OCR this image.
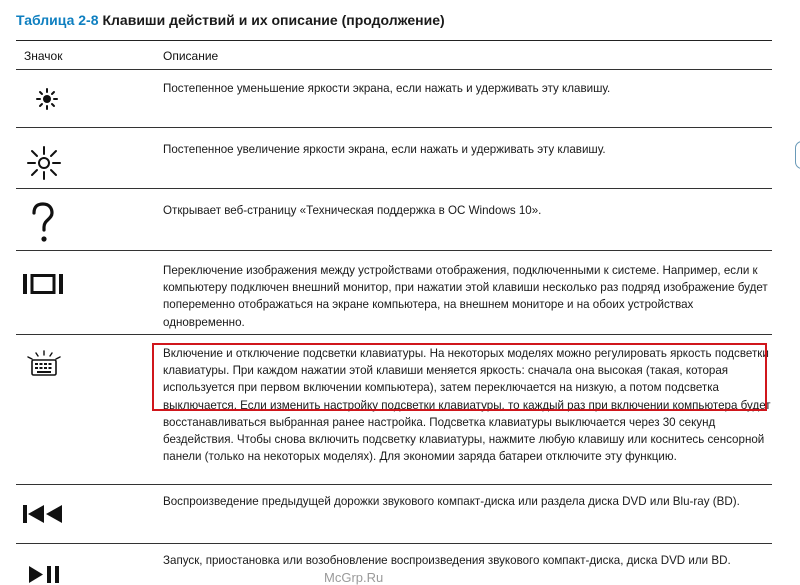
Таблица 2-8 Клавиши действий и их описание (продолжение)
Значок	Описание
Постепенное уменьшение яркости экрана, если нажать и удерживать эту клавишу.
Постепенное увеличение яркости экрана, если нажать и удерживать эту клавишу.
Открывает веб-страницу «Техническая поддержка в ОС Windows 10».
Переключение изображения между устройствами отображения, подключенными к системе. Например, если к компьютеру подключен внешний монитор, при нажатии этой клавиши несколько раз подряд изображение будет попеременно отображаться на экране компьютера, на внешнем мониторе и на обоих устройствах одновременно.
Включение и отключение подсветки клавиатуры. На некоторых моделях можно регулировать яркость подсветки клавиатуры. При каждом нажатии этой клавиши меняется яркость: сначала она высокая (такая, которая используется при первом включении компьютера), затем переключается на низкую, а потом подсветка выключается. Если изменить настройку подсветки клавиатуры, то каждый раз при включении компьютера будет восстанавливаться выбранная ранее настройка. Подсветка клавиатуры выключается через 30 секунд бездействия. Чтобы снова включить подсветку клавиатуры, нажмите любую клавишу или коснитесь сенсорной панели (только на некоторых моделях). Для экономии заряда батареи отключите эту функцию.
Воспроизведение предыдущей дорожки звукового компакт-диска или раздела диска DVD или Blu-ray (BD).
Запуск, приостановка или возобновление воспроизведения звукового компакт-диска, диска DVD или BD.
McGrp.Ru
